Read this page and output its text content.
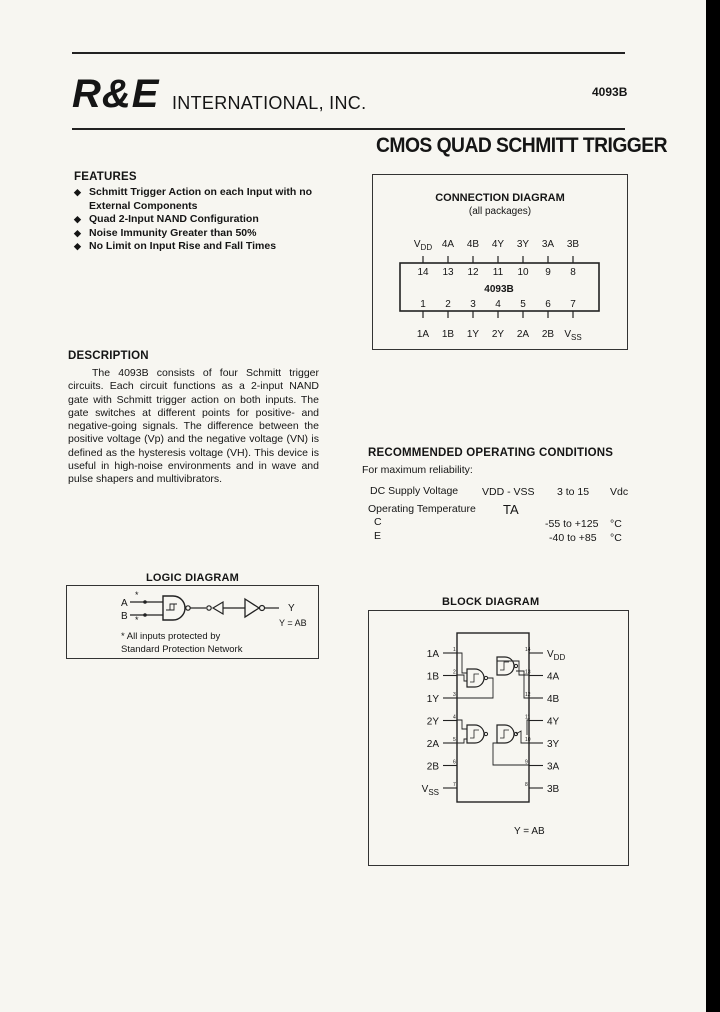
R&E INTERNATIONAL, INC.
4093B
CMOS QUAD SCHMITT TRIGGER
FEATURES
◆ Schmitt Trigger Action on each Input with no External Components
◆ Quad 2-Input NAND Configuration
◆ Noise Immunity Greater than 50%
◆ No Limit on Input Rise and Fall Times
DESCRIPTION
The 4093B consists of four Schmitt trigger circuits. Each circuit functions as a 2-input NAND gate with Schmitt trigger action on both inputs. The gate switches at different points for positive- and negative-going signals. The difference between the positive voltage (Vp) and the negative voltage (VN) is defined as the hysteresis voltage (VH). This device is useful in high-noise environments and in wave and pulse shapers and multivibrators.
CONNECTION DIAGRAM
(all packages)
$V_{DD}$
14
4A
13
4B
12
4Y
11
3Y
10
3A
9
3B
8
1
1A
2
1B
3
1Y
4
2Y
5
2A
6
2B
7
$V_{SS}$
4093B
RECOMMENDED OPERATING CONDITIONS
For maximum reliability:
DC Supply Voltage VDD - VSS 3 to 15 Vdc
Operating Temperature TA
C	-55 to +125 °C
E	-40 to +85 °C
LOGIC DIAGRAM
A
B
*
*
Y
Y = AB
* All inputs protected by
Standard Protection Network
BLOCK DIAGRAM
1A	1
1B	2
1Y	3
2Y	4
2A	5
2B	6
$V_{SS}$
7
$V_{DD}$
14
4A
13
4B
12
4Y
11
3Y
10
3A
9
3B
8
Y = AB
